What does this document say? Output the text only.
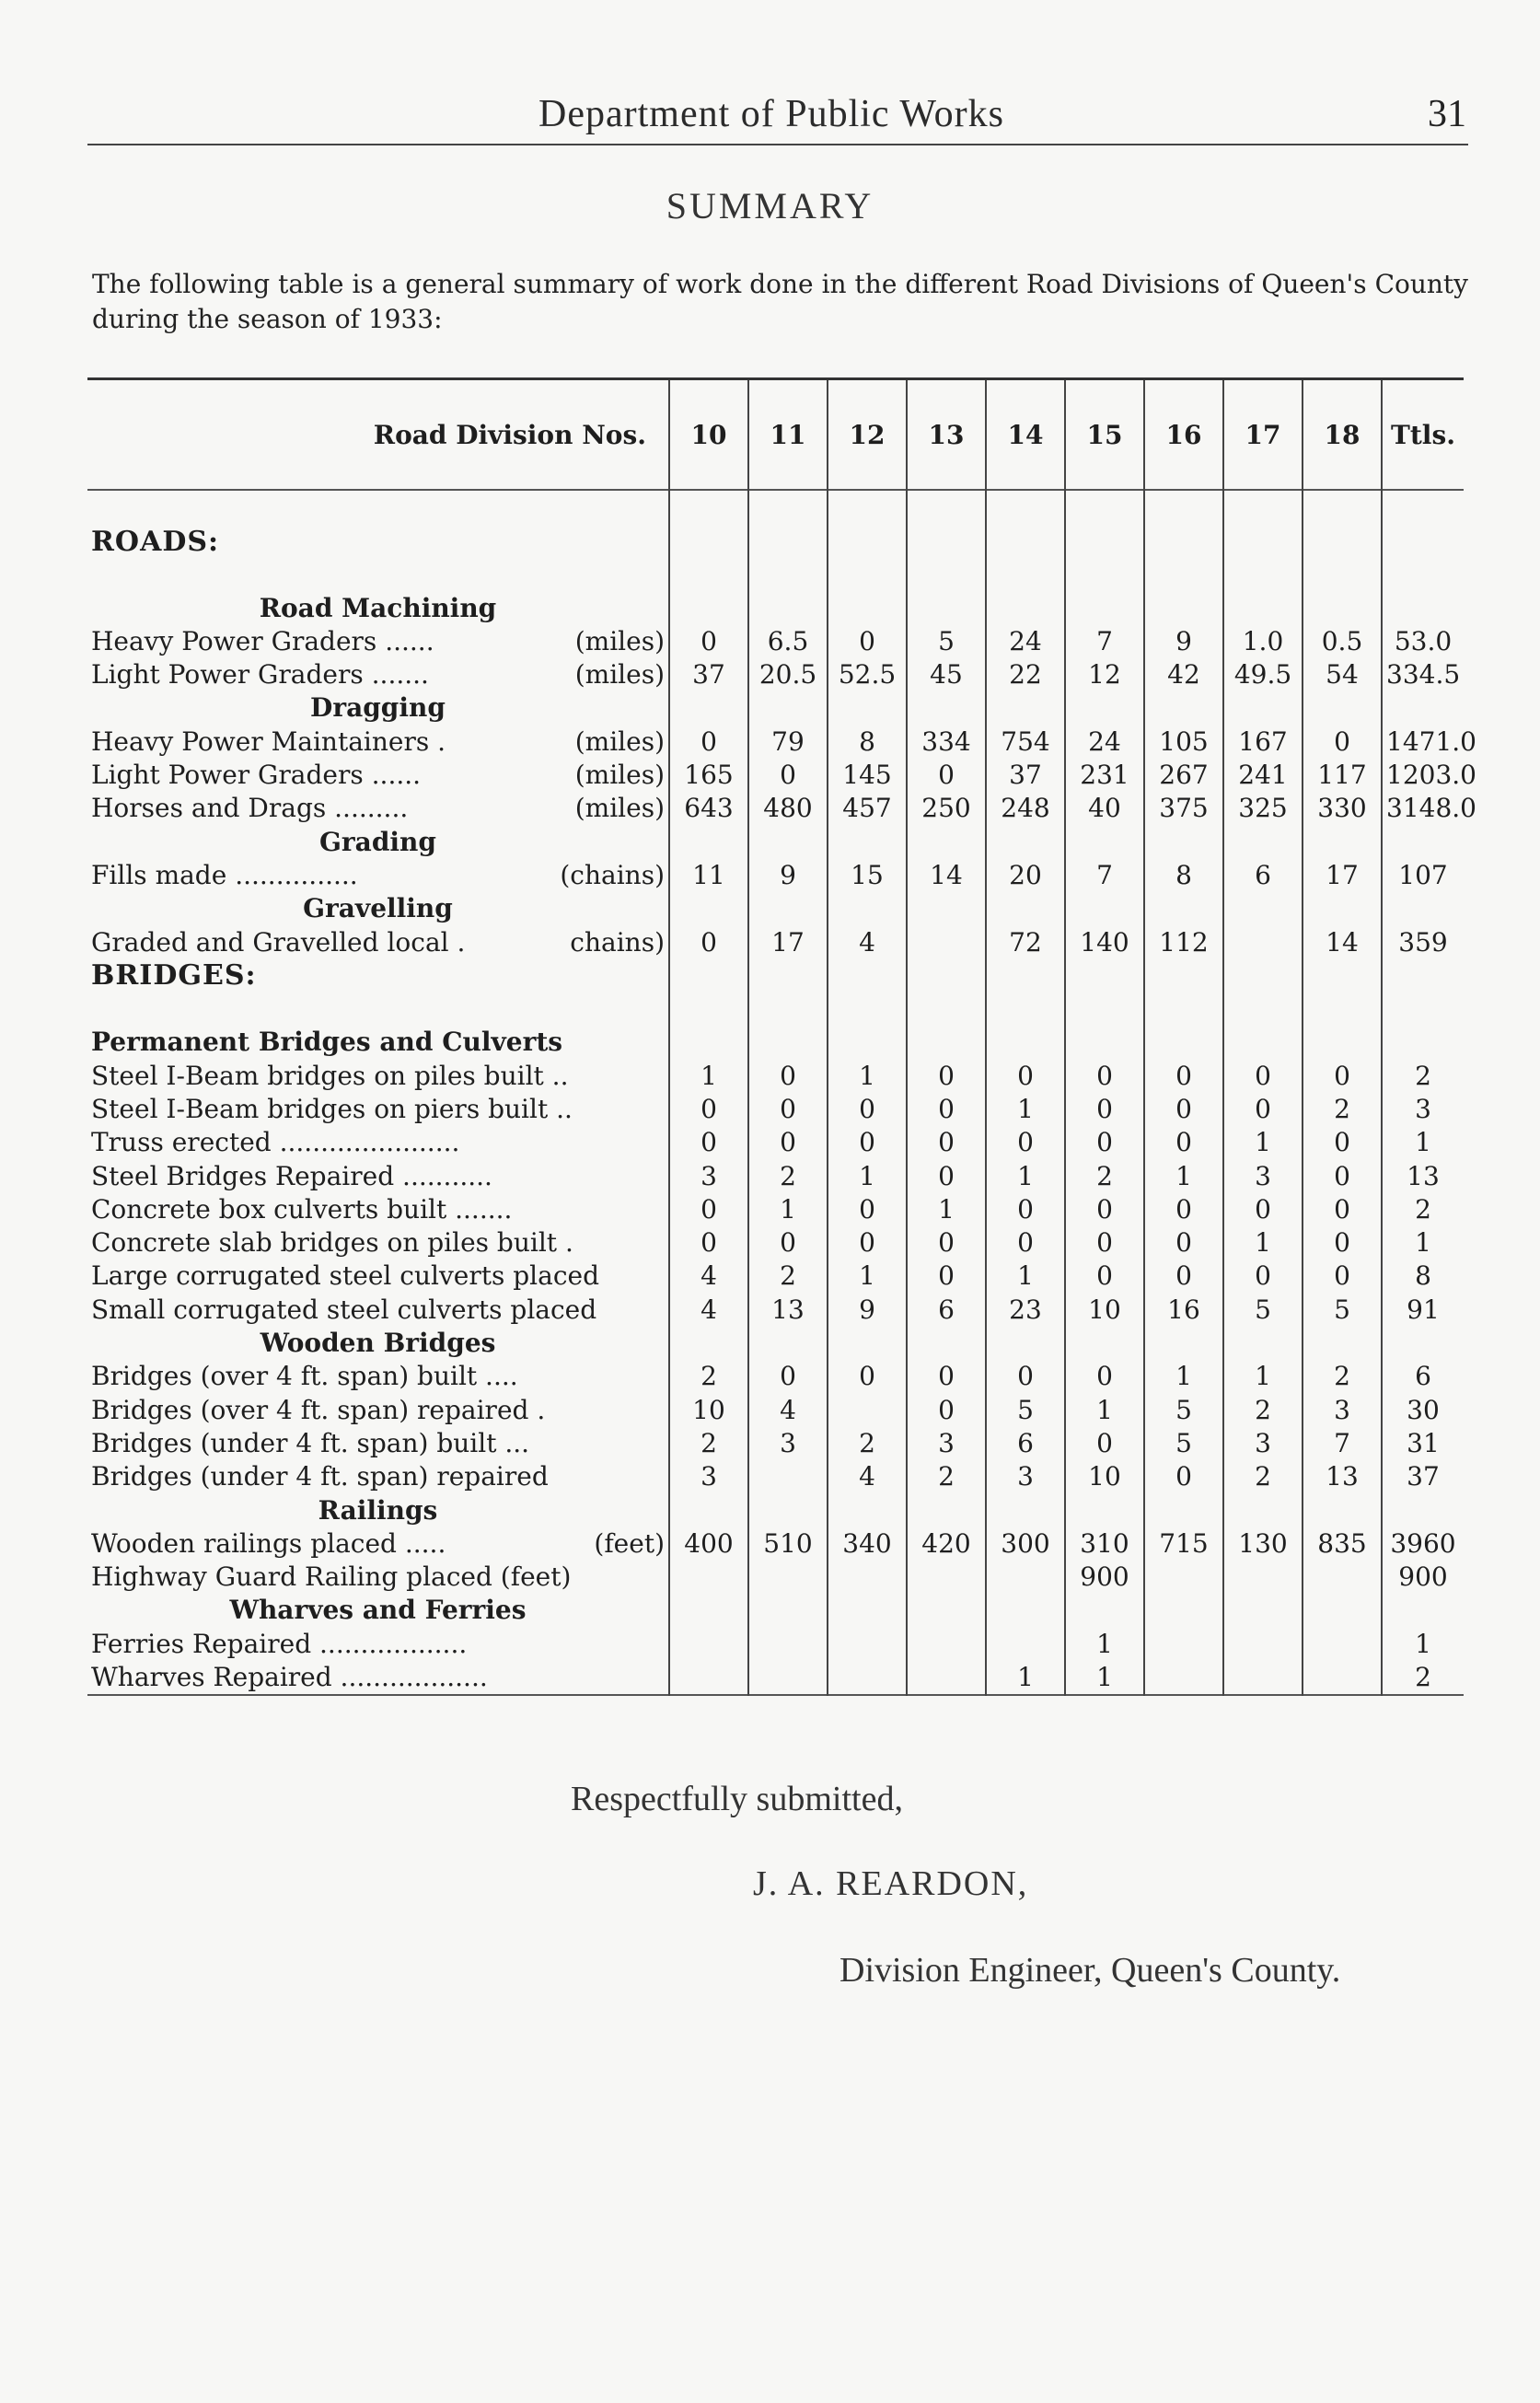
Department of Public Works	31
SUMMARY
The following table is a general summary of work done in the different Road Divisions of Queen's County during the season of 1933:
Road Division Nos.	10	11	12	13	14	15	16	17	18	Ttls.

ROADS:										

Road Machining										

Heavy Power Graders ...... (miles)	0	6.5	0	5	24	7	9	1.0	0.5	53.0

Light Power Graders ....... (miles)	37	20.5	52.5	45	22	12	42	49.5	54	334.5
Dragging										

Heavy Power Maintainers . (miles)	0	79	8	334	754	24	105	167	0	1471.0

Light Power Graders ...... (miles)	165	0	145	0	37	231	267	241	117	1203.0

Horses and Drags ......... (miles)	643	480	457	250	248	40	375	325	330	3148.0
Grading										

Fills made ............... (chains)	11	9	15	14	20	7	8	6	17	107
Gravelling										

Graded and Gravelled local . chains)	0	17	4		72	140	112		14	359
BRIDGES:										

Permanent Bridges and Culverts										

Steel I-Beam bridges on piles built ..	1	0	1	0	0	0	0	0	0	2

Steel I-Beam bridges on piers built ..	0	0	0	0	1	0	0	0	2	3

Truss erected ......................	0	0	0	0	0	0	0	1	0	1

Steel Bridges Repaired ...........	3	2	1	0	1	2	1	3	0	13

Concrete box culverts built .......	0	1	0	1	0	0	0	0	0	2

Concrete slab bridges on piles built .	0	0	0	0	0	0	0	1	0	1

Large corrugated steel culverts placed	4	2	1	0	1	0	0	0	0	8

Small corrugated steel culverts placed	4	13	9	6	23	10	16	5	5	91
Wooden Bridges										

Bridges (over 4 ft. span) built ....	2	0	0	0	0	0	1	1	2	6

Bridges (over 4 ft. span) repaired .	10	4		0	5	1	5	2	3	30

Bridges (under 4 ft. span) built ...	2	3	2	3	6	0	5	3	7	31

Bridges (under 4 ft. span) repaired	3		4	2	3	10	0	2	13	37
Railings										

Wooden railings placed ..... (feet)	400	510	340	420	300	310	715	130	835	3960

Highway Guard Railing placed (feet)						900				900
Wharves and Ferries										

Ferries Repaired ..................						1				1

Wharves Repaired ..................					1	1				2
Respectfully submitted,
J. A. REARDON,
Division Engineer, Queen's County.
